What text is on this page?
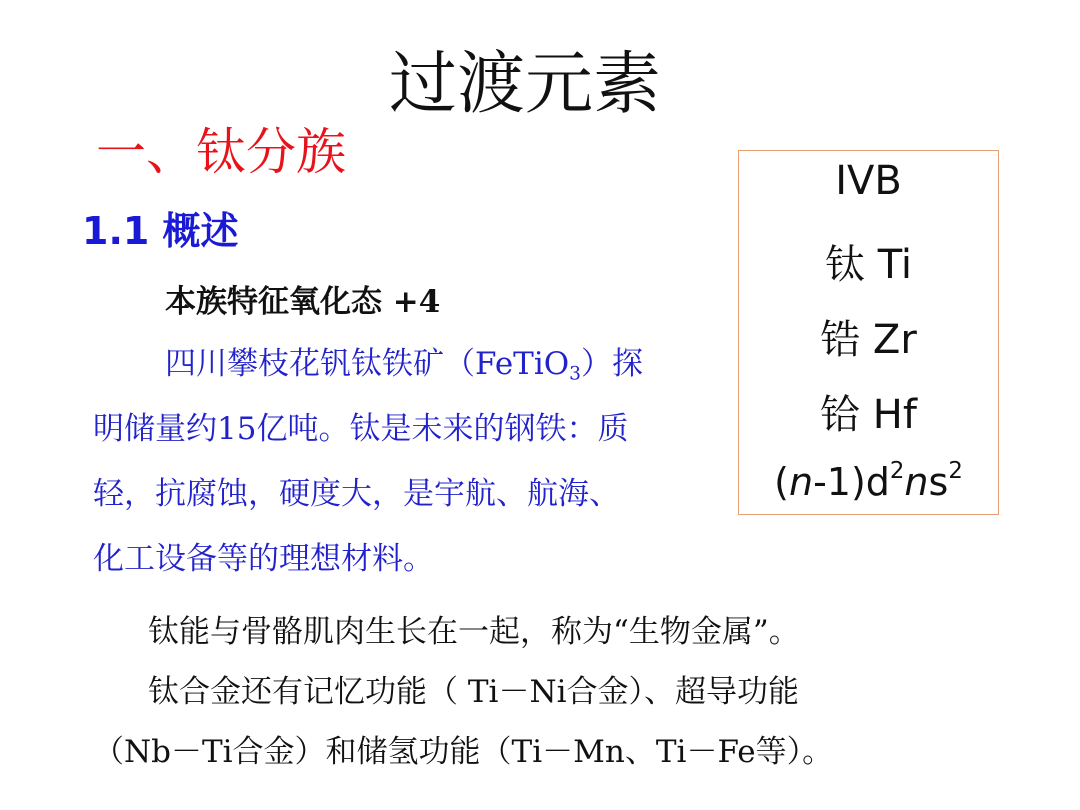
过渡元素
一、钛分族
1.1 概述
本族特征氧化态 +4
四川攀枝花钒钛铁矿（FeTiO$_3$）探
明储量约15亿吨。钛是未来的钢铁：质
轻，抗腐蚀，硬度大，是宇航、航海、
化工设备等的理想材料。
钛能与骨骼肌肉生长在一起，称为“生物金属”。
钛合金还有记忆功能（ Ti－Ni合金）、超导功能
（Nb－Ti合金）和储氢功能（Ti－Mn、Ti－Fe等）。
IVB
钛 Ti
锆 Zr
铪 Hf
$(n-1)d^2ns^2$
